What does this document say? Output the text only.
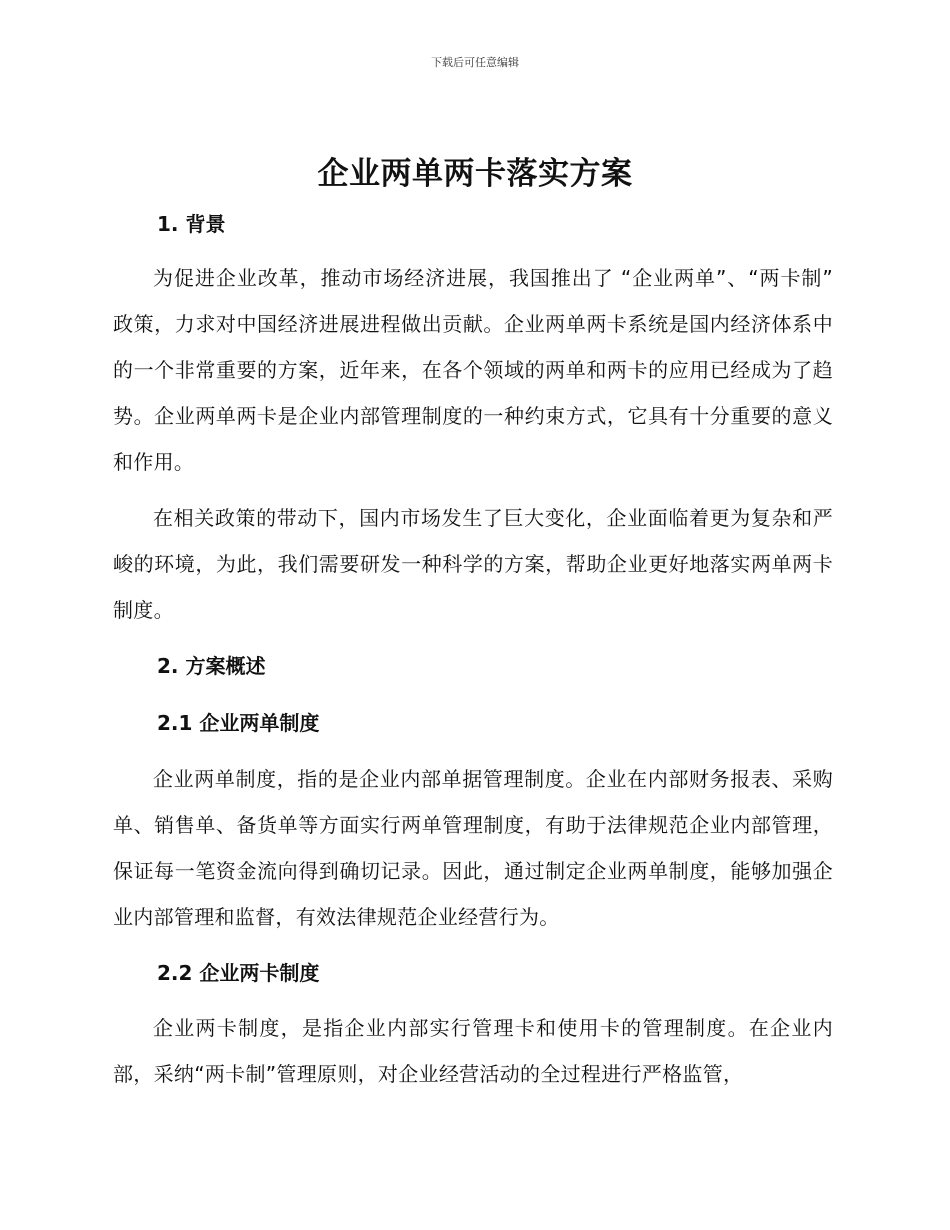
下载后可任意编辑
企业两单两卡落实方案
1. 背景

为促进企业改革，推动市场经济进展，我国推出了 “企业两单”、“两卡制” 政策，力求对中国经济进展进程做出贡献。企业两单两卡系统是国内经济体系中的一个非常重要的方案，近年来，在各个领域的两单和两卡的应用已经成为了趋势。企业两单两卡是企业内部管理制度的一种约束方式，它具有十分重要的意义和作用。

在相关政策的带动下，国内市场发生了巨大变化，企业面临着更为复杂和严峻的环境，为此，我们需要研发一种科学的方案，帮助企业更好地落实两单两卡制度。

2. 方案概述
2.1 企业两单制度

企业两单制度，指的是企业内部单据管理制度。企业在内部财务报表、采购单、销售单、备货单等方面实行两单管理制度，有助于法律规范企业内部管理，保证每一笔资金流向得到确切记录。因此，通过制定企业两单制度，能够加强企业内部管理和监督，有效法律规范企业经营行为。

2.2 企业两卡制度

企业两卡制度，是指企业内部实行管理卡和使用卡的管理制度。在企业内部，采纳“两卡制”管理原则，对企业经营活动的全过程进行严格监管，
